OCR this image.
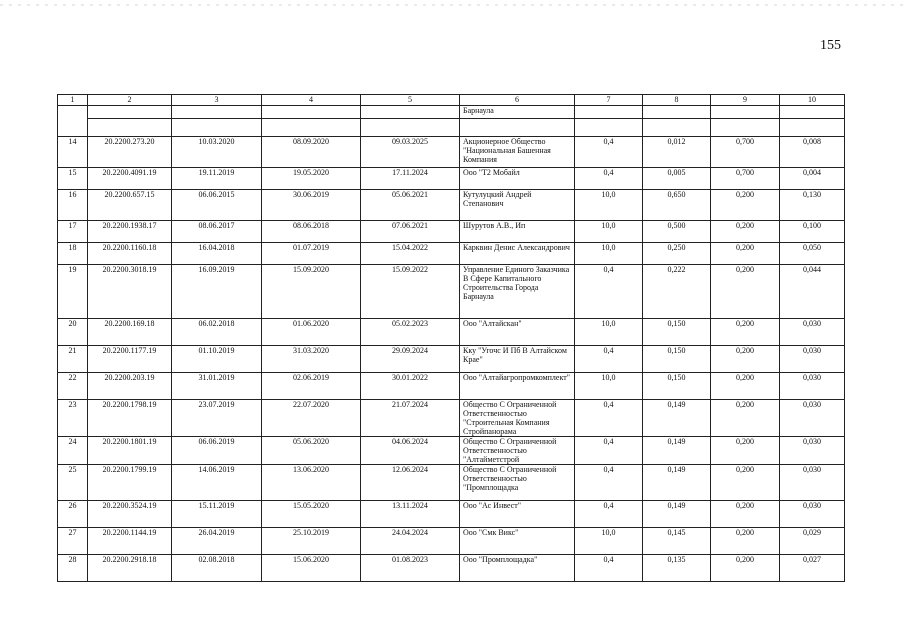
155
1	2	3	4	5	6	7	8	9	10
					Барнаула				

14	20.2200.273.20	10.03.2020	08.09.2020	09.03.2025	Акционерное Общество "Национальная Башенная Компания	0,4	0,012	0,700	0,008
15	20.2200.4091.19	19.11.2019	19.05.2020	17.11.2024	Ооо "T2 Мобайл	0,4	0,005	0,700	0,004
16	20.2200.657.15	06.06.2015	30.06.2019	05.06.2021	Кутулуцкий Андрей Степанович	10,0	0,650	0,200	0,130
17	20.2200.1938.17	08.06.2017	08.06.2018	07.06.2021	Шурутов А.В., Ип	10,0	0,500	0,200	0,100
18	20.2200.1160.18	16.04.2018	01.07.2019	15.04.2022	Карквин Денис Александрович	10,0	0,250	0,200	0,050
19	20.2200.3018.19	16.09.2019	15.09.2020	15.09.2022	Управление Единого Заказчика В Сфере Капитального Строительства Города Барнаула	0,4	0,222	0,200	0,044
20	20.2200.169.18	06.02.2018	01.06.2020	05.02.2023	Ооо "Алтайскан"	10,0	0,150	0,200	0,030
21	20.2200.1177.19	01.10.2019	31.03.2020	29.09.2024	Кку "Угочс И Пб В Алтайском Крае"	0,4	0,150	0,200	0,030
22	20.2200.203.19	31.01.2019	02.06.2019	30.01.2022	Ооо "Алтайагропромкомплект"	10,0	0,150	0,200	0,030
23	20.2200.1798.19	23.07.2019	22.07.2020	21.07.2024	Общество С Ограниченной Ответственностью "Строительная Компания Стройпанорама	0,4	0,149	0,200	0,030
24	20.2200.1801.19	06.06.2019	05.06.2020	04.06.2024	Общество С Ограниченной Ответственностью "Алтайметстрой	0,4	0,149	0,200	0,030
25	20.2200.1799.19	14.06.2019	13.06.2020	12.06.2024	Общество С Ограниченной Ответственностью "Промплощадка	0,4	0,149	0,200	0,030
26	20.2200.3524.19	15.11.2019	15.05.2020	13.11.2024	Ооо "Ас Инвест"	0,4	0,149	0,200	0,030
27	20.2200.1144.19	26.04.2019	25.10.2019	24.04.2024	Ооо "Смк Викс"	10,0	0,145	0,200	0,029
28	20.2200.2918.18	02.08.2018	15.06.2020	01.08.2023	Ооо "Промплощадка"	0,4	0,135	0,200	0,027
